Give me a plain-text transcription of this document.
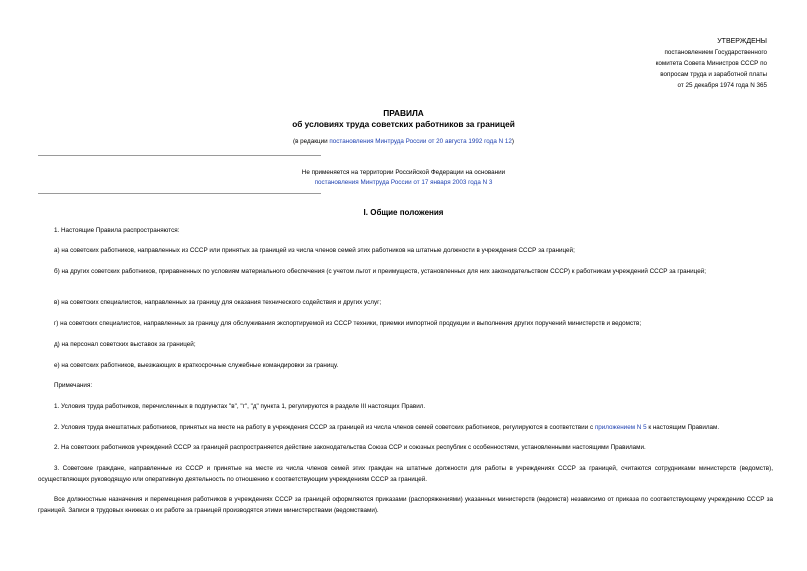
УТВЕРЖДЕНЫ
постановлением Государственного
комитета Совета Министров СССР по
вопросам труда и заработной платы
от 25 декабря 1974 года N 365
ПРАВИЛА
об условиях труда советских работников за границей
(в редакции постановления Минтруда России от 20 августа 1992 года N 12)
Не применяется на территории Российской Федерации на основании
постановления Минтруда России от 17 января 2003 года N 3
I. Общие положения
1. Настоящие Правила распространяются:
а) на советских работников, направленных из СССР или принятых за границей из числа членов семей этих работников на штатные должности в учреждения СССР за границей;
б) на других советских работников, приравненных по условиям материального обеспечения (с учетом льгот и преимуществ, установленных для них законодательством СССР) к работникам учреждений СССР за границей;
в) на советских специалистов, направленных за границу для оказания технического содействия и других услуг;
г) на советских специалистов, направленных за границу для обслуживания экспортируемой из СССР техники, приемки импортной продукции и выполнения других поручений министерств и ведомств;
д) на персонал советских выставок за границей;
е) на советских работников, выезжающих в краткосрочные служебные командировки за границу.
Примечания:
1. Условия труда работников, перечисленных в подпунктах "в", "г", "д" пункта 1, регулируются в разделе III настоящих Правил.
2. Условия труда внештатных работников, принятых на месте на работу в учреждения СССР за границей из числа членов семей советских работников, регулируются в соответствии с приложением N 5 к настоящим Правилам.
2. На советских работников учреждений СССР за границей распространяется действие законодательства Союза ССР и союзных республик с особенностями, установленными настоящими Правилами.
3. Советские граждане, направленные из СССР и принятые на месте из числа членов семей этих граждан на штатные должности для работы в учреждениях СССР за границей, считаются сотрудниками министерств (ведомств), осуществляющих руководящую или оперативную деятельность по отношению к соответствующим учреждениям СССР за границей.
Все должностные назначения и перемещения работников в учреждениях СССР за границей оформляются приказами (распоряжениями) указанных министерств (ведомств) независимо от приказа по соответствующему учреждению СССР за границей. Записи в трудовых книжках о их работе за границей производятся этими министерствами (ведомствами).
